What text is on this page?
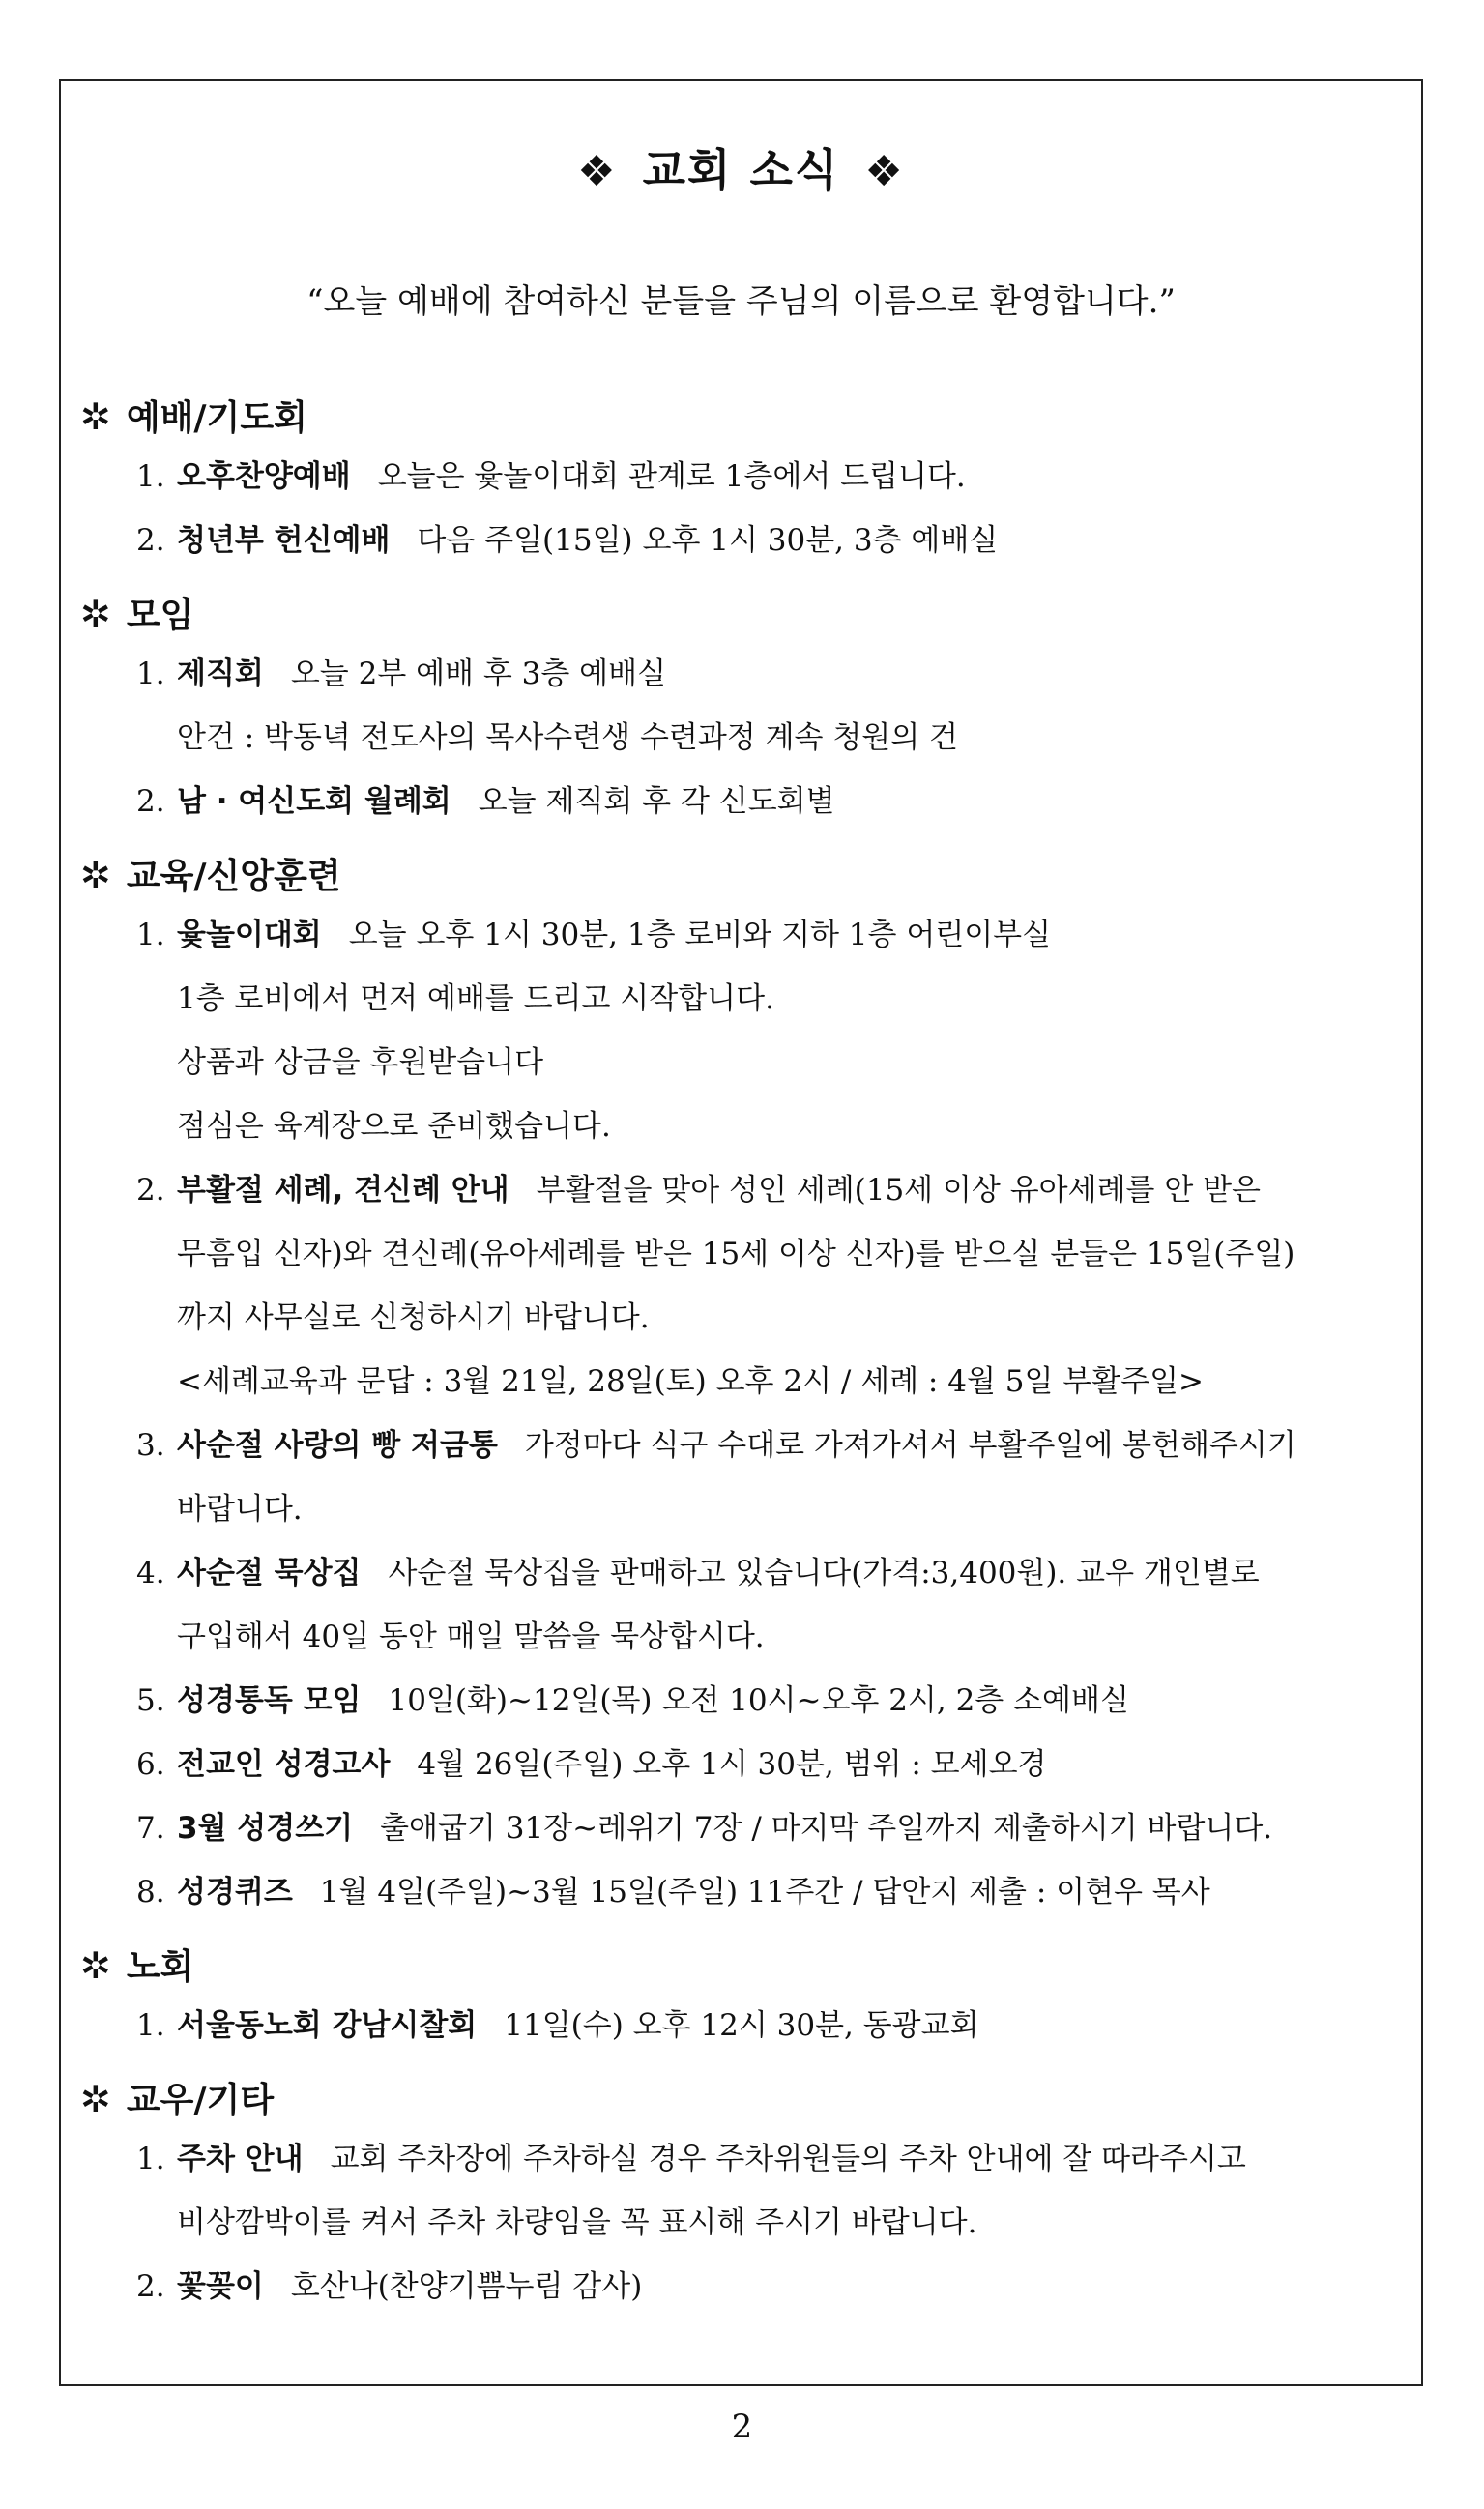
❖ 교회 소식 ❖
“오늘 예배에 참여하신 분들을 주님의 이름으로 환영합니다.”
✲ 예배/기도회
1. 오후찬양예배 오늘은 윷놀이대회 관계로 1층에서 드립니다.
2. 청년부 헌신예배 다음 주일(15일) 오후 1시 30분, 3층 예배실
✲ 모임
1. 제직회 오늘 2부 예배 후 3층 예배실
안건 : 박동녁 전도사의 목사수련생 수련과정 계속 청원의 건
2. 남 · 여신도회 월례회 오늘 제직회 후 각 신도회별
✲ 교육/신앙훈련
1. 윷놀이대회 오늘 오후 1시 30분, 1층 로비와 지하 1층 어린이부실
1층 로비에서 먼저 예배를 드리고 시작합니다.
상품과 상금을 후원받습니다
점심은 육계장으로 준비했습니다.
2. 부활절 세례, 견신례 안내 부활절을 맞아 성인 세례(15세 이상 유아세례를 안 받은
무흠입 신자)와 견신례(유아세례를 받은 15세 이상 신자)를 받으실 분들은 15일(주일)
까지 사무실로 신청하시기 바랍니다.
<세례교육과 문답 : 3월 21일, 28일(토) 오후 2시 / 세례 : 4월 5일 부활주일>
3. 사순절 사랑의 빵 저금통 가정마다 식구 수대로 가져가셔서 부활주일에 봉헌해주시기
바랍니다.
4. 사순절 묵상집 사순절 묵상집을 판매하고 있습니다(가격:3,400원). 교우 개인별로
구입해서 40일 동안 매일 말씀을 묵상합시다.
5. 성경통독 모임 10일(화)~12일(목) 오전 10시~오후 2시, 2층 소예배실
6. 전교인 성경고사 4월 26일(주일) 오후 1시 30분, 범위 : 모세오경
7. 3월 성경쓰기 출애굽기 31장~레위기 7장 / 마지막 주일까지 제출하시기 바랍니다.
8. 성경퀴즈 1월 4일(주일)~3월 15일(주일) 11주간 / 답안지 제출 : 이현우 목사
✲ 노회
1. 서울동노회 강남시찰회 11일(수) 오후 12시 30분, 동광교회
✲ 교우/기타
1. 주차 안내 교회 주차장에 주차하실 경우 주차위원들의 주차 안내에 잘 따라주시고
비상깜박이를 켜서 주차 차량임을 꼭 표시해 주시기 바랍니다.
2. 꽃꽂이 호산나(찬양기쁨누림 감사)
2
